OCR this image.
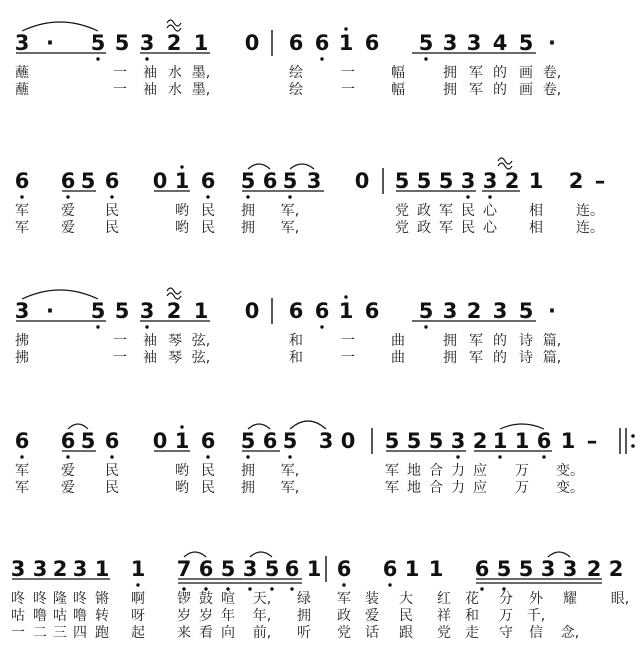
3 · 5 5 3 2 1 0 6 6 1 6 5 3 3 4 5 ·
蘸	一 袖 水 墨,	绘	一	幅	拥 军 的 画 卷,
蘸	一 袖 水 墨,	绘	一	幅	拥 军 的 画 卷,
6 6 5 6 0 1 6 5 6 5 3 0 5 5 5 3 3 2 1 2 –
军 爱 民	哟 民 拥 军,	党 政 军 民 心 相 连。
军 爱 民	哟 民 拥 军,	党 政 军 民 心 相 连。
3 · 5 5 3 2 1 0 6 6 1 6 5 3 2 3 5 ·
拂	一 袖 琴 弦,	和	一	曲	拥 军 的 诗 篇,
拂	一 袖 琴 弦,	和	一	曲	拥 军 的 诗 篇,
6 6 5 6 0 1 6 5 6 5 3 0 5 5 5 3 2 1 1 6 1 –
军 爱 民	哟 民 拥 军,	军 地 合 力 应 万 变。
军 爱 民	哟 民 拥 军,	军 地 合 力 应 万 变。
3 3 2 3 1 1 7 6 5 3 5 6 1 6 6 1 1 6 5 5 3 3 2 2
咚 咚 隆 咚 锵 啊 锣 鼓 喧 天, 绿 军 装 大 红 花 分 外 耀 眼,
咕 噜 咕 噜 转 呀 岁 岁 年 年, 拥 政 爱 民 祥 和 万 千,
一 二 三 四 跑 起 来 看 向 前, 听 党 话 跟 党 走 守 信 念,
